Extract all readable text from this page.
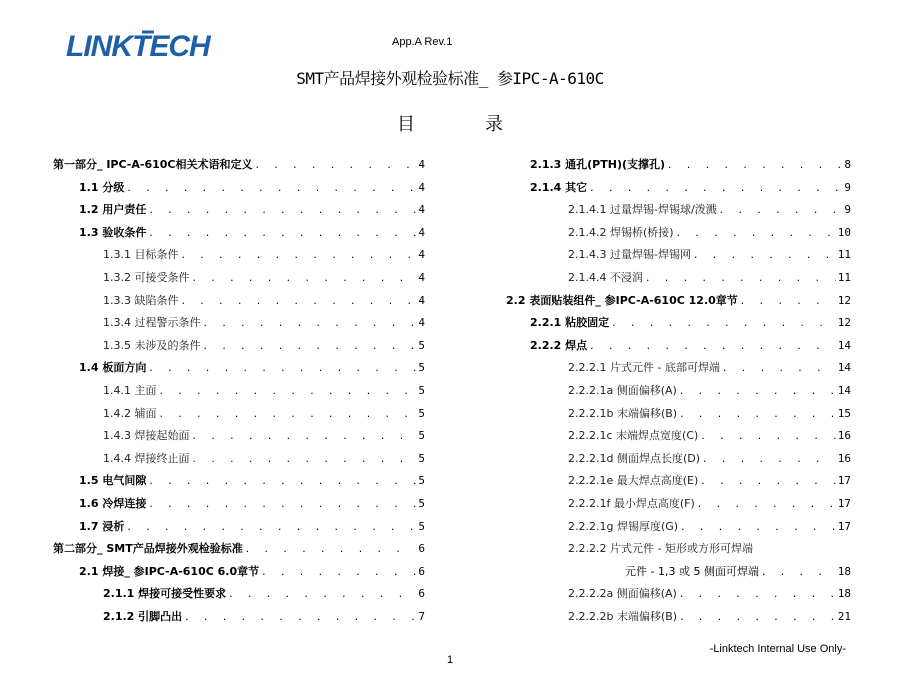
LINKTECH	App.A Rev.1
SMT产品焊接外观检验标准_ 参IPC-A-610C
目录
第一部分_ IPC-A-610C相关术语和定义 . . .	4
1.1 分级 . . .	4
1.2 用户责任 . . .	4
1.3 验收条件 . . .	4
1.3.1 目标条件 . . .	4
1.3.2 可接受条件 . . .	4
1.3.3 缺陷条件 . . .	4
1.3.4 过程警示条件 . . .	4
1.3.5 未涉及的条件 . . .	5
1.4 板面方向 . . .	5
1.4.1 主面 . . .	5
1.4.2 辅面 . . .	5
1.4.3 焊接起始面 . . .	5
1.4.4 焊接终止面 . . .	5
1.5 电气间隙 . . .	5
1.6 冷焊连接 . . .	5
1.7 浸析 . . .	5
第二部分_ SMT产品焊接外观检验标准 . . .	6
2.1 焊接_ 参IPC-A-610C 6.0章节 . . .	6
2.1.1 焊接可接受性要求 . . .	6
2.1.2 引脚凸出 . . .	7
2.1.3 通孔(PTH)(支撑孔) . . .	8
2.1.4 其它 . . .	9
2.1.4.1 过量焊锡-焊锡球/泼溅 . . .	9
2.1.4.2 焊锡桥(桥接) . . .	10
2.1.4.3 过量焊锡-焊锡网 . . .	11
2.1.4.4 不浸润 . . .	11
2.2 表面贴装组件_ 参IPC-A-610C 12.0章节 . . .	12
2.2.1 粘胶固定 . . .	12
2.2.2 焊点 . . .	14
2.2.2.1 片式元件 - 底部可焊端 . . .	14
2.2.2.1a 侧面偏移(A) . . .	14
2.2.2.1b 末端偏移(B) . . .	15
2.2.2.1c 末端焊点宽度(C) . . .	16
2.2.2.1d 侧面焊点长度(D) . . .	16
2.2.2.1e 最大焊点高度(E) . . .	17
2.2.2.1f 最小焊点高度(F) . . .	17
2.2.2.1g 焊锡厚度(G) . . .	17
2.2.2.2 片式元件 - 矩形或方形可焊端
元件 - 1,3 或 5 侧面可焊端 . . .	18
2.2.2.2a 侧面偏移(A) . . .	18
2.2.2.2b 末端偏移(B) . . .	21
-Linktech Internal Use Only-
1
